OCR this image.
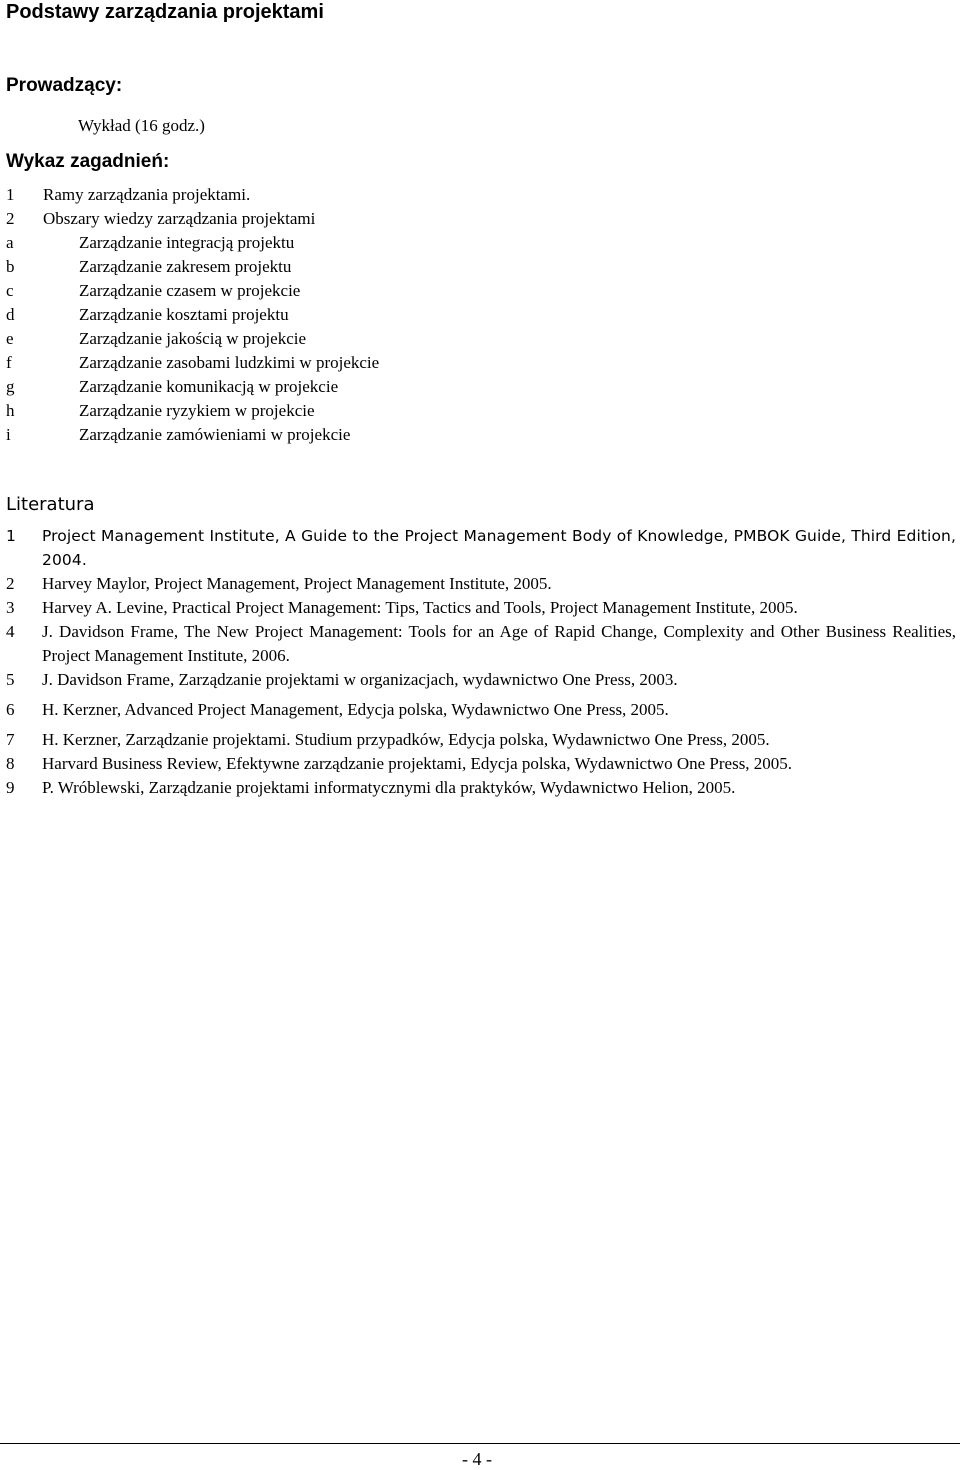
Podstawy zarządzania projektami
Prowadzący:
Wykład (16 godz.)
Wykaz zagadnień:
1 Ramy zarządzania projektami.
2 Obszary wiedzy zarządzania projektami
a	Zarządzanie integracją projektu
b	Zarządzanie zakresem projektu
c	Zarządzanie czasem w projekcie
d	Zarządzanie kosztami projektu
e	Zarządzanie jakością w projekcie
f	Zarządzanie zasobami ludzkimi w projekcie
g	Zarządzanie komunikacją w projekcie
h	Zarządzanie ryzykiem w projekcie
i	Zarządzanie zamówieniami w projekcie
Literatura

1 Project Management Institute, A Guide to the Project Management Body of Knowledge, PMBOK Guide, Third Edition, 2004.

2 Harvey Maylor, Project Management, Project Management Institute, 2005.

3 Harvey A. Levine, Practical Project Management: Tips, Tactics and Tools, Project Management Institute, 2005.

4 J. Davidson Frame, The New Project Management: Tools for an Age of Rapid Change, Complexity and Other Business Realities, Project Management Institute, 2006.

5 J. Davidson Frame, Zarządzanie projektami w organizacjach, wydawnictwo One Press, 2003.

6 H. Kerzner, Advanced Project Management, Edycja polska, Wydawnictwo One Press, 2005.

7 H. Kerzner, Zarządzanie projektami. Studium przypadków, Edycja polska, Wydawnictwo One Press, 2005.

8 Harvard Business Review, Efektywne zarządzanie projektami, Edycja polska, Wydawnictwo One Press, 2005.

9 P. Wróblewski, Zarządzanie projektami informatycznymi dla praktyków, Wydawnictwo Helion, 2005.

- 4 -
